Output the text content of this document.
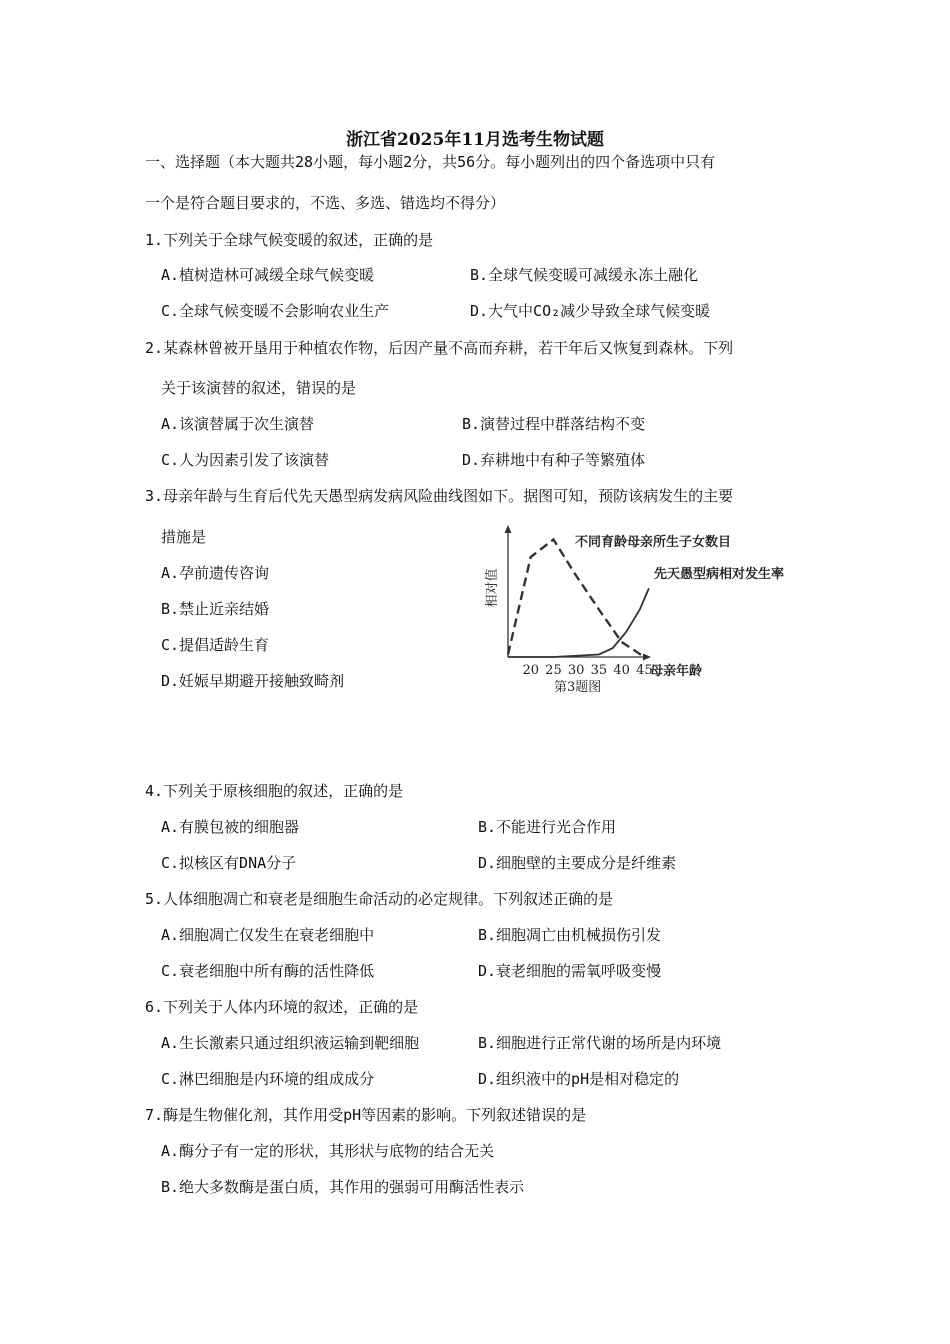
浙江省2025年11月选考生物试题
一、选择题（本大题共28小题，每小题2分，共56分。每小题列出的四个备选项中只有
一个是符合题目要求的，不选、多选、错选均不得分）
1.下列关于全球气候变暖的叙述，正确的是
A.植树造林可减缓全球气候变暖	B.全球气候变暖可减缓永冻土融化
C.全球气候变暖不会影响农业生产	D.大气中CO₂减少导致全球气候变暖
2.某森林曾被开垦用于种植农作物，后因产量不高而弃耕，若干年后又恢复到森林。下列
关于该演替的叙述，错误的是
A.该演替属于次生演替	B.演替过程中群落结构不变
C.人为因素引发了该演替	D.弃耕地中有种子等繁殖体
3.母亲年龄与生育后代先天愚型病发病风险曲线图如下。据图可知，预防该病发生的主要
措施是
A.孕前遗传咨询
B.禁止近亲结婚
C.提倡适龄生育
D.妊娠早期避开接触致畸剂
相对值
20 25 30 35 40 45
母亲年龄
第3题图
不同育龄母亲所生子女数目
先天愚型病相对发生率
4.下列关于原核细胞的叙述，正确的是
A.有膜包被的细胞器	B.不能进行光合作用
C.拟核区有DNA分子	D.细胞壁的主要成分是纤维素
5.人体细胞凋亡和衰老是细胞生命活动的必定规律。下列叙述正确的是
A.细胞凋亡仅发生在衰老细胞中	B.细胞凋亡由机械损伤引发
C.衰老细胞中所有酶的活性降低	D.衰老细胞的需氧呼吸变慢
6.下列关于人体内环境的叙述，正确的是
A.生长激素只通过组织液运输到靶细胞	B.细胞进行正常代谢的场所是内环境
C.淋巴细胞是内环境的组成成分	D.组织液中的pH是相对稳定的
7.酶是生物催化剂，其作用受pH等因素的影响。下列叙述错误的是
A.酶分子有一定的形状，其形状与底物的结合无关
B.绝大多数酶是蛋白质，其作用的强弱可用酶活性表示
